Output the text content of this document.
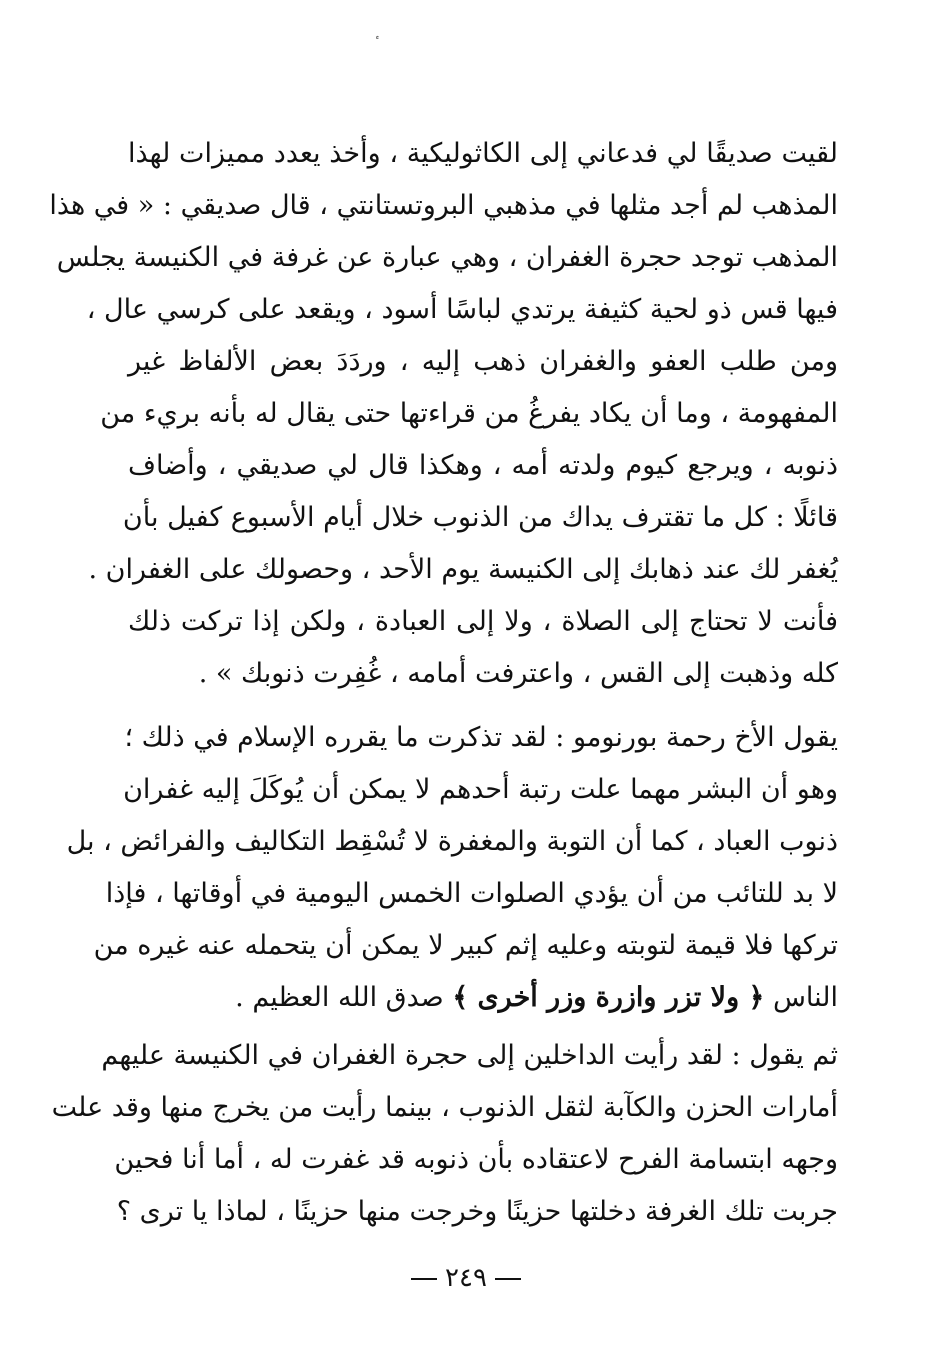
لقيت صديقًا لي فدعاني إلى الكاثوليكية ، وأخذ يعدد مميزات لهذا
المذهب لم أجد مثلها في مذهبي البروتستانتي ، قال صديقي : « في هذا
المذهب توجد حجرة الغفران ، وهي عبارة عن غرفة في الكنيسة يجلس
فيها قس ذو لحية كثيفة يرتدي لباسًا أسود ، ويقعد على كرسي عال ،
ومن طلب العفو والغفران ذهب إليه ، وردَدَ بعض الألفاظ غير
المفهومة ، وما أن يكاد يفرغُ من قراءتها حتى يقال له بأنه بريء من
ذنوبه ، ويرجع كيوم ولدته أمه ، وهكذا قال لي صديقي ، وأضاف
قائلًا : كل ما تقترف يداك من الذنوب خلال أيام الأسبوع كفيل بأن
يُغفر لك عند ذهابك إلى الكنيسة يوم الأحد ، وحصولك على الغفران .
فأنت لا تحتاج إلى الصلاة ، ولا إلى العبادة ، ولكن إذا تركت ذلك
كله وذهبت إلى القس ، واعترفت أمامه ، غُفِرت ذنوبك » .
يقول الأخ رحمة بورنومو : لقد تذكرت ما يقرره الإسلام في ذلك ؛
وهو أن البشر مهما علت رتبة أحدهم لا يمكن أن يُوكَلَ إليه غفران
ذنوب العباد ، كما أن التوبة والمغفرة لا تُسْقِط التكاليف والفرائض ، بل
لا بد للتائب من أن يؤدي الصلوات الخمس اليومية في أوقاتها ، فإذا
تركها فلا قيمة لتوبته وعليه إثم كبير لا يمكن أن يتحمله عنه غيره من
الناس ﴿ ولا تزر وازرة وزر أخرى ﴾ صدق الله العظيم .
ثم يقول : لقد رأيت الداخلين إلى حجرة الغفران في الكنيسة عليهم
أمارات الحزن والكآبة لثقل الذنوب ، بينما رأيت من يخرج منها وقد علت
وجهه ابتسامة الفرح لاعتقاده بأن ذنوبه قد غفرت له ، أما أنا فحين
جربت تلك الغرفة دخلتها حزينًا وخرجت منها حزينًا ، لماذا يا ترى ؟
٢٤٩
